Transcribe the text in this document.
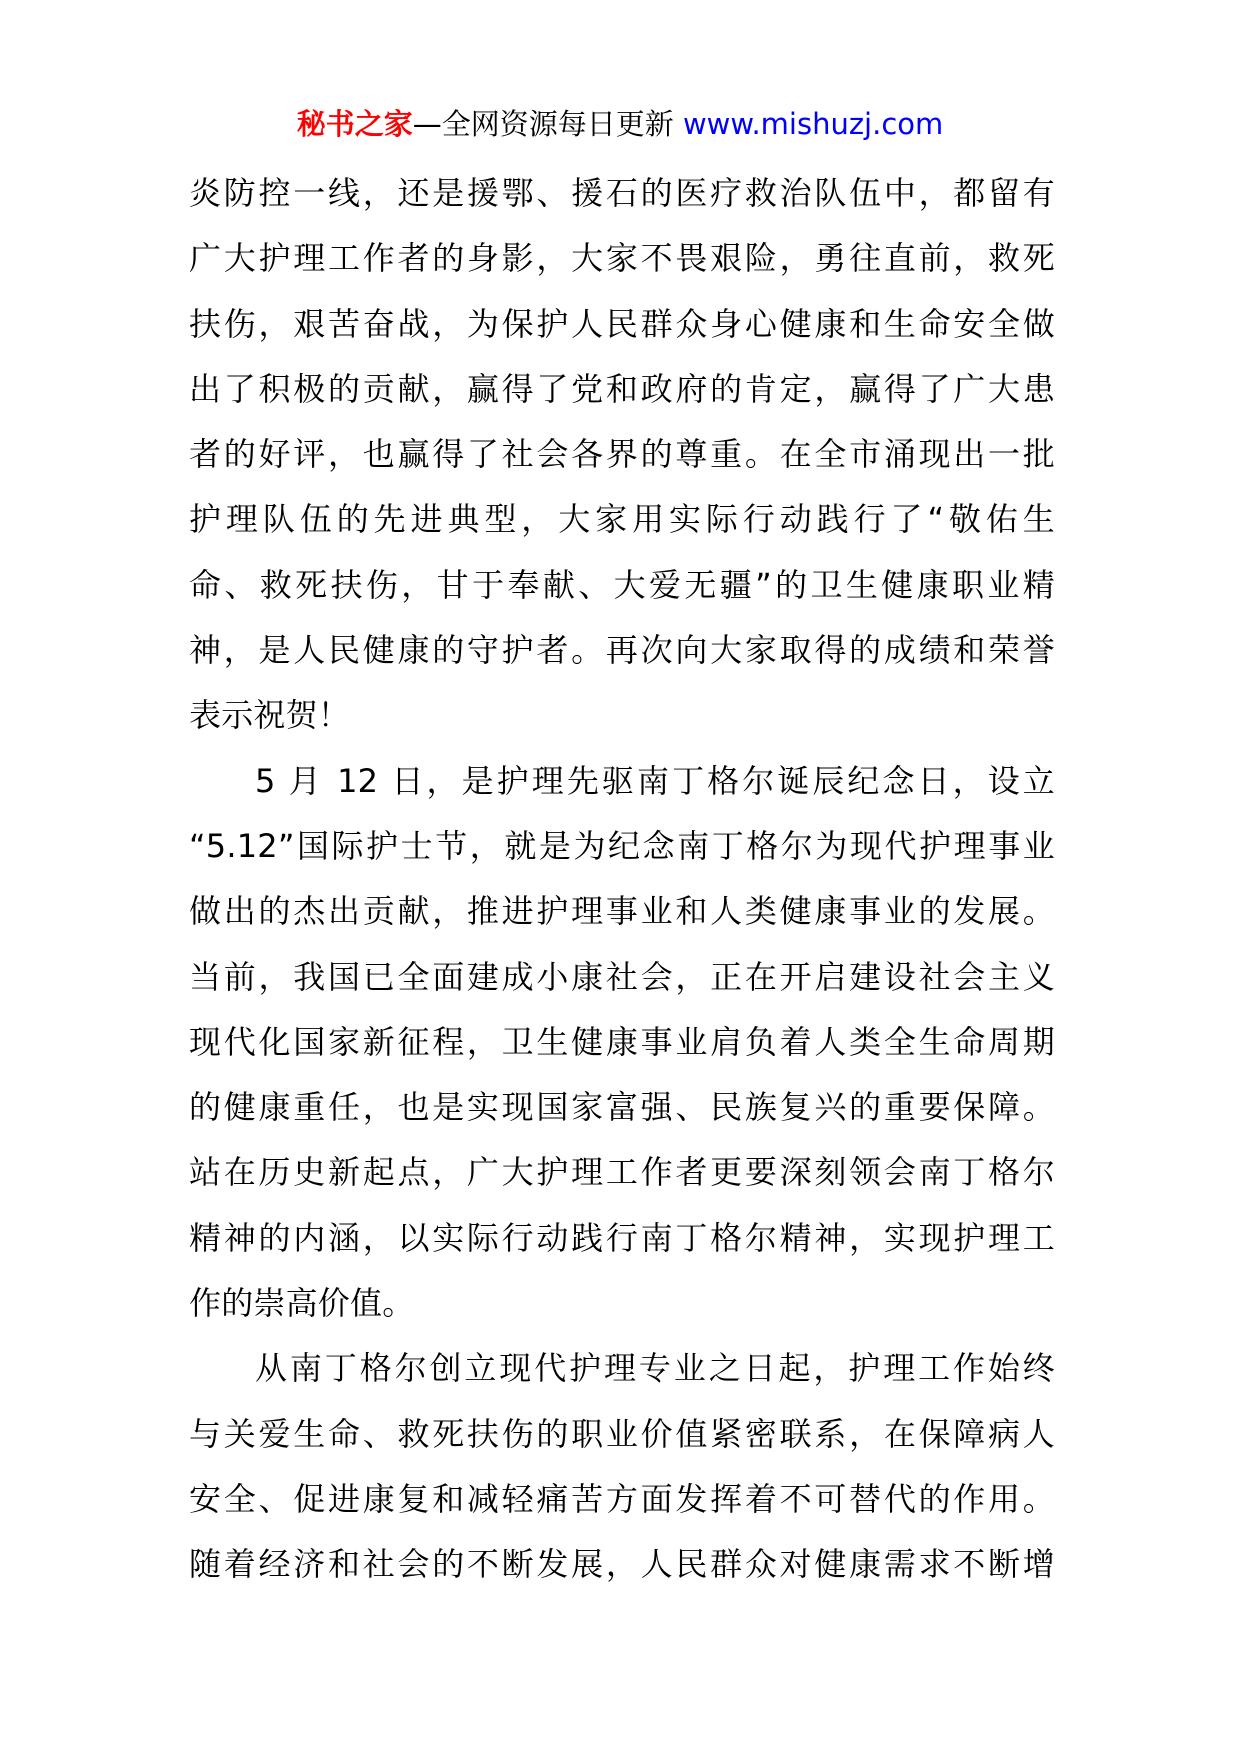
秘书之家—全网资源每日更新 www.mishuzj.com
炎防控一线，还是援鄂、援石的医疗救治队伍中，都留有
广大护理工作者的身影，大家不畏艰险，勇往直前，救死
扶伤，艰苦奋战，为保护人民群众身心健康和生命安全做
出了积极的贡献，赢得了党和政府的肯定，赢得了广大患
者的好评，也赢得了社会各界的尊重。在全市涌现出一批
护理队伍的先进典型，大家用实际行动践行了“敬佑生
命、救死扶伤，甘于奉献、大爱无疆”的卫生健康职业精
神，是人民健康的守护者。再次向大家取得的成绩和荣誉
表示祝贺！
5 月 12 日，是护理先驱南丁格尔诞辰纪念日，设立
“5.12”国际护士节，就是为纪念南丁格尔为现代护理事业
做出的杰出贡献，推进护理事业和人类健康事业的发展。
当前，我国已全面建成小康社会，正在开启建设社会主义
现代化国家新征程，卫生健康事业肩负着人类全生命周期
的健康重任，也是实现国家富强、民族复兴的重要保障。
站在历史新起点，广大护理工作者更要深刻领会南丁格尔
精神的内涵，以实际行动践行南丁格尔精神，实现护理工
作的崇高价值。
从南丁格尔创立现代护理专业之日起，护理工作始终
与关爱生命、救死扶伤的职业价值紧密联系，在保障病人
安全、促进康复和减轻痛苦方面发挥着不可替代的作用。
随着经济和社会的不断发展，人民群众对健康需求不断增
